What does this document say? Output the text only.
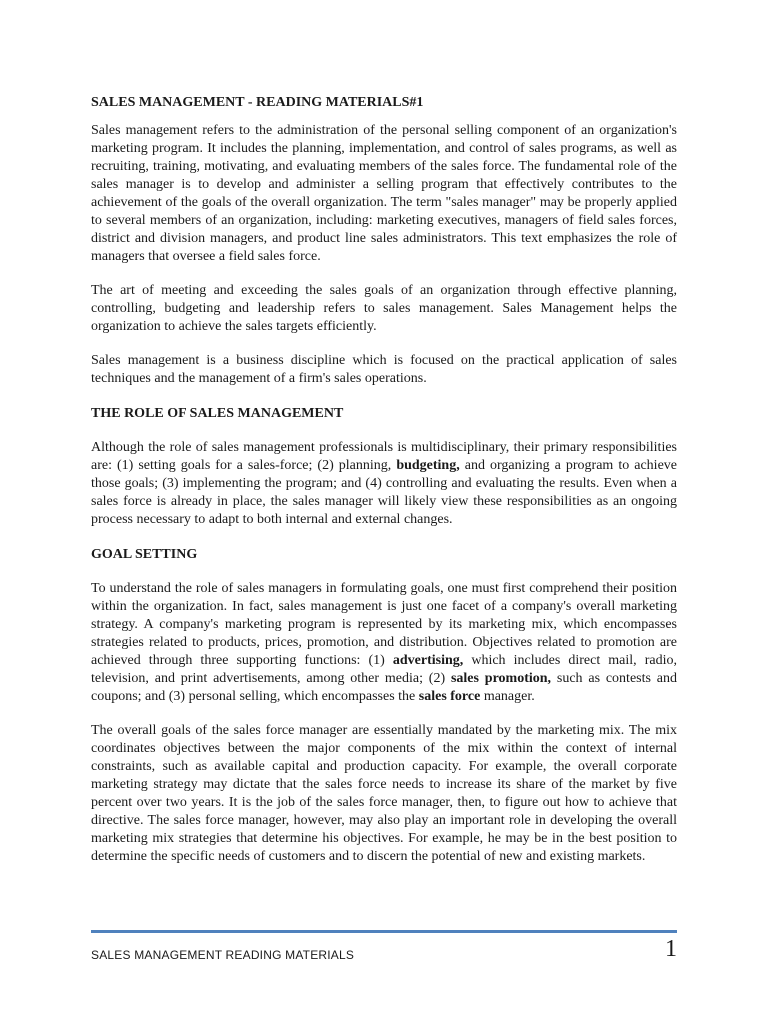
SALES MANAGEMENT - READING MATERIALS#1

Sales management refers to the administration of the personal selling component of an organization's marketing program. It includes the planning, implementation, and control of sales programs, as well as recruiting, training, motivating, and evaluating members of the sales force. The fundamental role of the sales manager is to develop and administer a selling program that effectively contributes to the achievement of the goals of the overall organization. The term "sales manager" may be properly applied to several members of an organization, including: marketing executives, managers of field sales forces, district and division managers, and product line sales administrators. This text emphasizes the role of managers that oversee a field sales force.

The art of meeting and exceeding the sales goals of an organization through effective planning, controlling, budgeting and leadership refers to sales management. Sales Management helps the organization to achieve the sales targets efficiently.

Sales management is a business discipline which is focused on the practical application of sales techniques and the management of a firm's sales operations.

THE ROLE OF SALES MANAGEMENT

Although the role of sales management professionals is multidisciplinary, their primary responsibilities are: (1) setting goals for a sales-force; (2) planning, budgeting, and organizing a program to achieve those goals; (3) implementing the program; and (4) controlling and evaluating the results. Even when a sales force is already in place, the sales manager will likely view these responsibilities as an ongoing process necessary to adapt to both internal and external changes.

GOAL SETTING

To understand the role of sales managers in formulating goals, one must first comprehend their position within the organization. In fact, sales management is just one facet of a company's overall marketing strategy. A company's marketing program is represented by its marketing mix, which encompasses strategies related to products, prices, promotion, and distribution. Objectives related to promotion are achieved through three supporting functions: (1) advertising, which includes direct mail, radio, television, and print advertisements, among other media; (2) sales promotion, such as contests and coupons; and (3) personal selling, which encompasses the sales force manager.

The overall goals of the sales force manager are essentially mandated by the marketing mix. The mix coordinates objectives between the major components of the mix within the context of internal constraints, such as available capital and production capacity. For example, the overall corporate marketing strategy may dictate that the sales force needs to increase its share of the market by five percent over two years. It is the job of the sales force manager, then, to figure out how to achieve that directive. The sales force manager, however, may also play an important role in developing the overall marketing mix strategies that determine his objectives. For example, he may be in the best position to determine the specific needs of customers and to discern the potential of new and existing markets.

SALES MANAGEMENT READING MATERIALS	1
